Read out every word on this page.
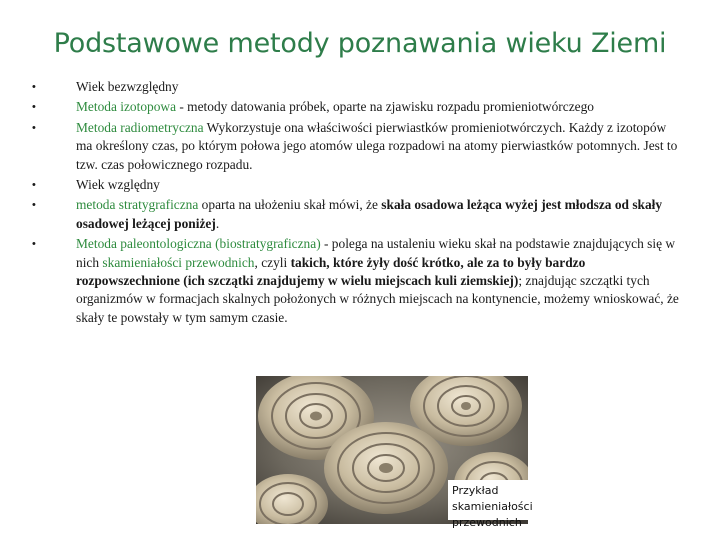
Podstawowe metody poznawania wieku Ziemi
•	Wiek bezwzględny
•	Metoda izotopowa - metody datowania próbek, oparte na zjawisku rozpadu promieniotwórczego
•	Metoda radiometryczna Wykorzystuje ona właściwości pierwiastków promieniotwórczych. Każdy z izotopów ma określony czas, po którym połowa jego atomów ulega rozpadowi na atomy pierwiastków potomnych. Jest to tzw. czas połowicznego rozpadu.
•	Wiek względny
•	metoda stratygraficzna oparta na ułożeniu skał mówi, że skała osadowa leżąca wyżej jest młodsza od skały osadowej leżącej poniżej.
•	Metoda paleontologiczna (biostratygraficzna) - polega na ustaleniu wieku skał na podstawie znajdujących się w nich skamieniałości przewodnich, czyli takich, które żyły dość krótko, ale za to były bardzo rozpowszechnione (ich szczątki znajdujemy w wielu miejscach kuli ziemskiej); znajdując szczątki tych organizmów w formacjach skalnych położonych w różnych miejscach na kontynencie, możemy wnioskować, że skały te powstały w tym samym czasie.
Przykład skamieniałości
przewodnich
